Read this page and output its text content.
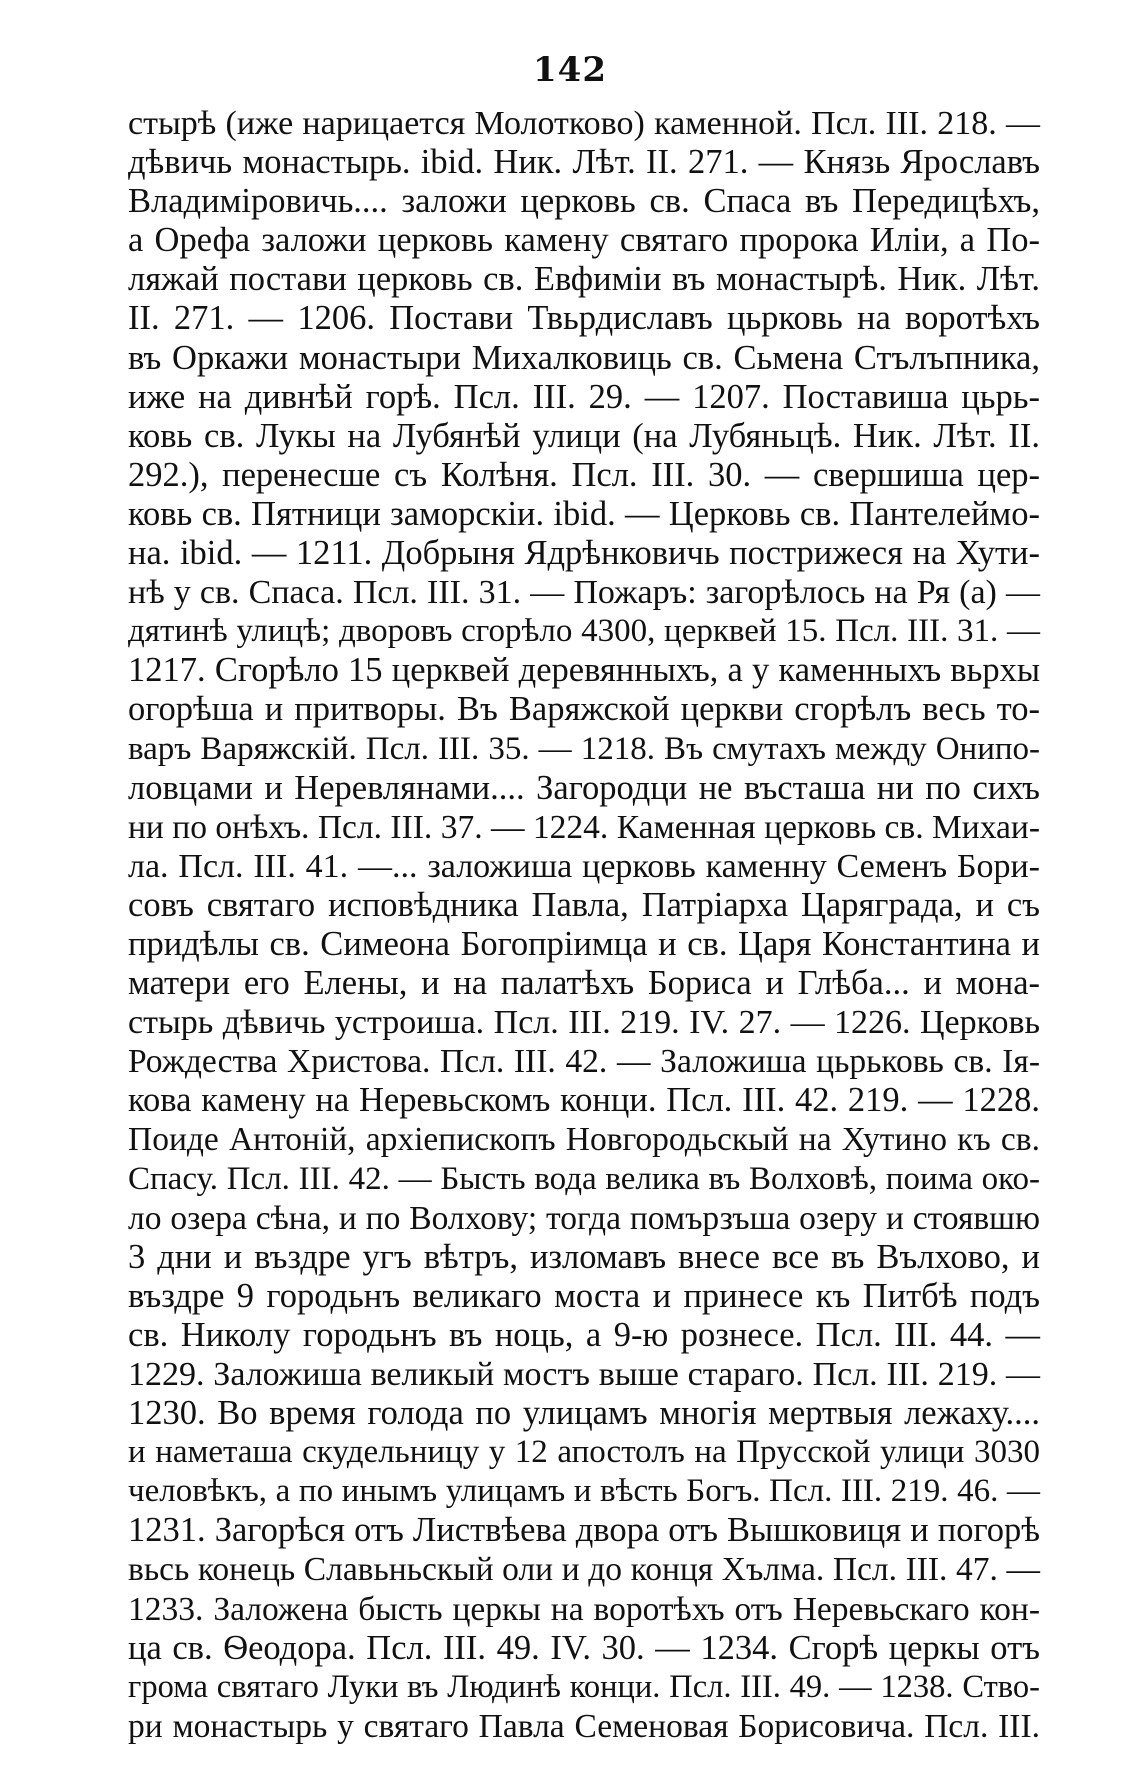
142
стырѣ (иже нарицается Молотково) каменной. Псл. III. 218. —
дѣвичь монастырь. ibid. Ник. Лѣт. II. 271. — Князь Ярославъ
Владимiровичь.... заложи церковь св. Спаса въ Передицѣхъ,
а Орефа заложи церковь камену святаго пророка Илiи, а По-
ляжай постави церковь св. Евфимiи въ монастырѣ. Ник. Лѣт.
II. 271. — 1206. Постави Твьрдиславъ цьрковь на воротѣхъ
въ Оркажи монастыри Михалковиць св. Сьмена Стълъпника,
иже на дивнѣй горѣ. Псл. III. 29. — 1207. Поставиша цьрь-
ковь св. Лукы на Лубянѣй улици (на Лубяньцѣ. Ник. Лѣт. II.
292.), перенесше съ Колѣня. Псл. III. 30. — свершиша цер-
ковь св. Пятници заморскiи. ibid. — Церковь св. Пантелеймо-
на. ibid. — 1211. Добрыня Ядрѣнковичь пострижеся на Хути-
нѣ у св. Спаса. Псл. III. 31. — Пожаръ: загорѣлось на Ря (а) —
дятинѣ улицѣ; дворовъ сгорѣло 4300, церквей 15. Псл. III. 31. —
1217. Сгорѣло 15 церквей деревянныхъ, а у каменныхъ вьрхы
огорѣша и притворы. Въ Варяжской церкви сгорѣлъ весь то-
варъ Варяжскiй. Псл. III. 35. — 1218. Въ смутахъ между Онипо-
ловцами и Неревлянами.... Загородци не въсташа ни по сихъ
ни по онѣхъ. Псл. III. 37. — 1224. Каменная церковь св. Михаи-
ла. Псл. III. 41. —... заложиша церковь каменну Семенъ Бори-
совъ святаго исповѣдника Павла, Патрiарха Царяграда, и съ
придѣлы св. Симеона Богопрiимца и св. Царя Константина и
матери его Елены, и на палатѣхъ Бориса и Глѣба... и мона-
стырь дѣвичь устроиша. Псл. III. 219. IV. 27. — 1226. Церковь
Рождества Христова. Псл. III. 42. — Заложиша цьрьковь св. Iя-
кова камену на Неревьскомъ конци. Псл. III. 42. 219. — 1228.
Поиде Антонiй, архiепископъ Новгородьскый на Хутино къ св.
Спасу. Псл. III. 42. — Бысть вода велика въ Волховѣ, поима око-
ло озера сѣна, и по Волхову; тогда помързъша озеру и стоявшю
3 дни и въздре угъ вѣтръ, изломавъ внесе все въ Вълхово, и
въздре 9 городьнъ великаго моста и принесе къ Питбѣ подъ
св. Николу городьнъ въ ноць, а 9-ю рознесе. Псл. III. 44. —
1229. Заложиша великый мостъ выше стараго. Псл. III. 219. —
1230. Во время голода по улицамъ многiя мертвыя лежаху....
и наметаша скудельницу у 12 апостолъ на Прусской улици 3030
человѣкъ, а по инымъ улицамъ и вѣсть Богъ. Псл. III. 219. 46. —
1231. Загорѣся отъ Листвѣева двора отъ Вышковиця и погорѣ
вьсь конець Славьньскый оли и до конця Хълма. Псл. III. 47. —
1233. Заложена бысть церкы на воротѣхъ отъ Неревьскаго кон-
ца св. Ѳеодора. Псл. III. 49. IV. 30. — 1234. Сгорѣ церкы отъ
грома святаго Луки въ Людинѣ конци. Псл. III. 49. — 1238. Ство-
ри монастырь у святаго Павла Семеновая Борисовича. Псл. III.
